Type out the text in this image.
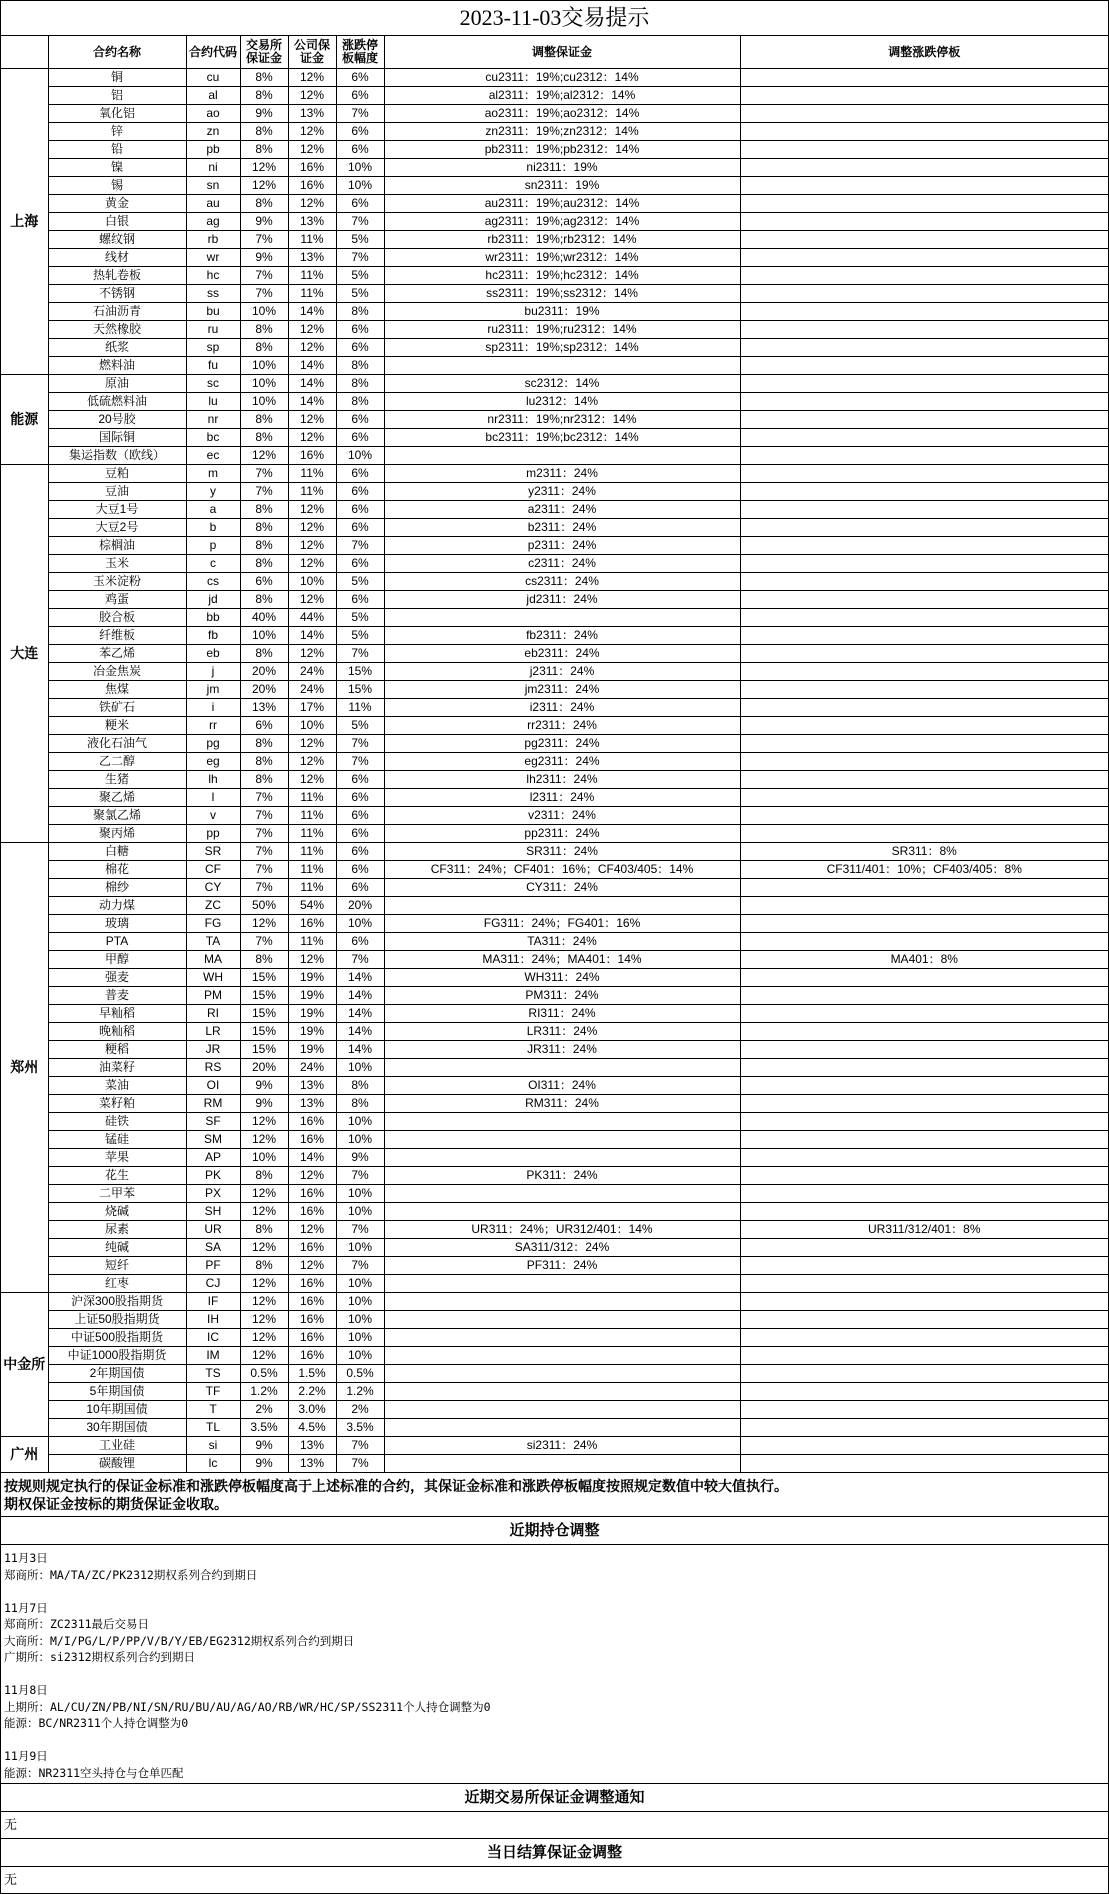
2023-11-03交易提示
	合约名称	合约代码	交易所保证金	公司保证金	涨跌停板幅度	调整保证金	调整涨跌停板
上海	铜	cu	8%	12%	6%	cu2311：19%;cu2312：14%	
	铝	al	8%	12%	6%	al2311：19%;al2312：14%	
	氧化铝	ao	9%	13%	7%	ao2311：19%;ao2312：14%	
	锌	zn	8%	12%	6%	zn2311：19%;zn2312：14%	
	铅	pb	8%	12%	6%	pb2311：19%;pb2312：14%	
	镍	ni	12%	16%	10%	ni2311：19%	
	锡	sn	12%	16%	10%	sn2311：19%	
	黄金	au	8%	12%	6%	au2311：19%;au2312：14%	
	白银	ag	9%	13%	7%	ag2311：19%;ag2312：14%	
	螺纹钢	rb	7%	11%	5%	rb2311：19%;rb2312：14%	
	线材	wr	9%	13%	7%	wr2311：19%;wr2312：14%	
	热轧卷板	hc	7%	11%	5%	hc2311：19%;hc2312：14%	
	不锈钢	ss	7%	11%	5%	ss2311：19%;ss2312：14%	
	石油沥青	bu	10%	14%	8%	bu2311：19%	
	天然橡胶	ru	8%	12%	6%	ru2311：19%;ru2312：14%	
	纸浆	sp	8%	12%	6%	sp2311：19%;sp2312：14%	
	燃料油	fu	10%	14%	8%		
能源	原油	sc	10%	14%	8%	sc2312：14%	
	低硫燃料油	lu	10%	14%	8%	lu2312：14%	
	20号胶	nr	8%	12%	6%	nr2311：19%;nr2312：14%	
	国际铜	bc	8%	12%	6%	bc2311：19%;bc2312：14%	
	集运指数（欧线）	ec	12%	16%	10%		
大连	豆粕	m	7%	11%	6%	m2311：24%	
	豆油	y	7%	11%	6%	y2311：24%	
	大豆1号	a	8%	12%	6%	a2311：24%	
	大豆2号	b	8%	12%	6%	b2311：24%	
	棕榈油	p	8%	12%	7%	p2311：24%	
	玉米	c	8%	12%	6%	c2311：24%	
	玉米淀粉	cs	6%	10%	5%	cs2311：24%	
	鸡蛋	jd	8%	12%	6%	jd2311：24%	
	胶合板	bb	40%	44%	5%		
	纤维板	fb	10%	14%	5%	fb2311：24%	
	苯乙烯	eb	8%	12%	7%	eb2311：24%	
	冶金焦炭	j	20%	24%	15%	j2311：24%	
	焦煤	jm	20%	24%	15%	jm2311：24%	
	铁矿石	i	13%	17%	11%	i2311：24%	
	粳米	rr	6%	10%	5%	rr2311：24%	
	液化石油气	pg	8%	12%	7%	pg2311：24%	
	乙二醇	eg	8%	12%	7%	eg2311：24%	
	生猪	lh	8%	12%	6%	lh2311：24%	
	聚乙烯	l	7%	11%	6%	l2311：24%	
	聚氯乙烯	v	7%	11%	6%	v2311：24%	
	聚丙烯	pp	7%	11%	6%	pp2311：24%	
郑州	白糖	SR	7%	11%	6%	SR311：24%	SR311：8%
	棉花	CF	7%	11%	6%	CF311：24%；CF401：16%；CF403/405：14%	CF311/401：10%；CF403/405：8%
	棉纱	CY	7%	11%	6%	CY311：24%	
	动力煤	ZC	50%	54%	20%		
	玻璃	FG	12%	16%	10%	FG311：24%；FG401：16%	
	PTA	TA	7%	11%	6%	TA311：24%	
	甲醇	MA	8%	12%	7%	MA311：24%；MA401：14%	MA401：8%
	强麦	WH	15%	19%	14%	WH311：24%	
	普麦	PM	15%	19%	14%	PM311：24%	
	早籼稻	RI	15%	19%	14%	RI311：24%	
	晚籼稻	LR	15%	19%	14%	LR311：24%	
	粳稻	JR	15%	19%	14%	JR311：24%	
	油菜籽	RS	20%	24%	10%		
	菜油	OI	9%	13%	8%	OI311：24%	
	菜籽粕	RM	9%	13%	8%	RM311：24%	
	硅铁	SF	12%	16%	10%		
	锰硅	SM	12%	16%	10%		
	苹果	AP	10%	14%	9%		
	花生	PK	8%	12%	7%	PK311：24%	
	二甲苯	PX	12%	16%	10%		
	烧碱	SH	12%	16%	10%		
	尿素	UR	8%	12%	7%	UR311：24%；UR312/401：14%	UR311/312/401：8%
	纯碱	SA	12%	16%	10%	SA311/312：24%	
	短纤	PF	8%	12%	7%	PF311：24%	
	红枣	CJ	12%	16%	10%		
中金所	沪深300股指期货	IF	12%	16%	10%		
	上证50股指期货	IH	12%	16%	10%		
	中证500股指期货	IC	12%	16%	10%		
	中证1000股指期货	IM	12%	16%	10%		
	2年期国债	TS	0.5%	1.5%	0.5%		
	5年期国债	TF	1.2%	2.2%	1.2%		
	10年期国债	T	2%	3.0%	2%		
	30年期国债	TL	3.5%	4.5%	3.5%		
广州	工业硅	si	9%	13%	7%	si2311：24%	
	碳酸锂	lc	9%	13%	7%		
按规则规定执行的保证金标准和涨跌停板幅度高于上述标准的合约，其保证金标准和涨跌停板幅度按照规定数值中较大值执行。
期权保证金按标的期货保证金收取。
近期持仓调整
11月3日
郑商所：MA/TA/ZC/PK2312期权系列合约到期日
11月7日
郑商所：ZC2311最后交易日
大商所：M/I/PG/L/P/PP/V/B/Y/EB/EG2312期权系列合约到期日
广期所：si2312期权系列合约到期日
11月8日
上期所：AL/CU/ZN/PB/NI/SN/RU/BU/AU/AG/AO/RB/WR/HC/SP/SS2311个人持仓调整为0
能源：BC/NR2311个人持仓调整为0
11月9日
能源：NR2311空头持仓与仓单匹配
近期交易所保证金调整通知
无
当日结算保证金调整
无
